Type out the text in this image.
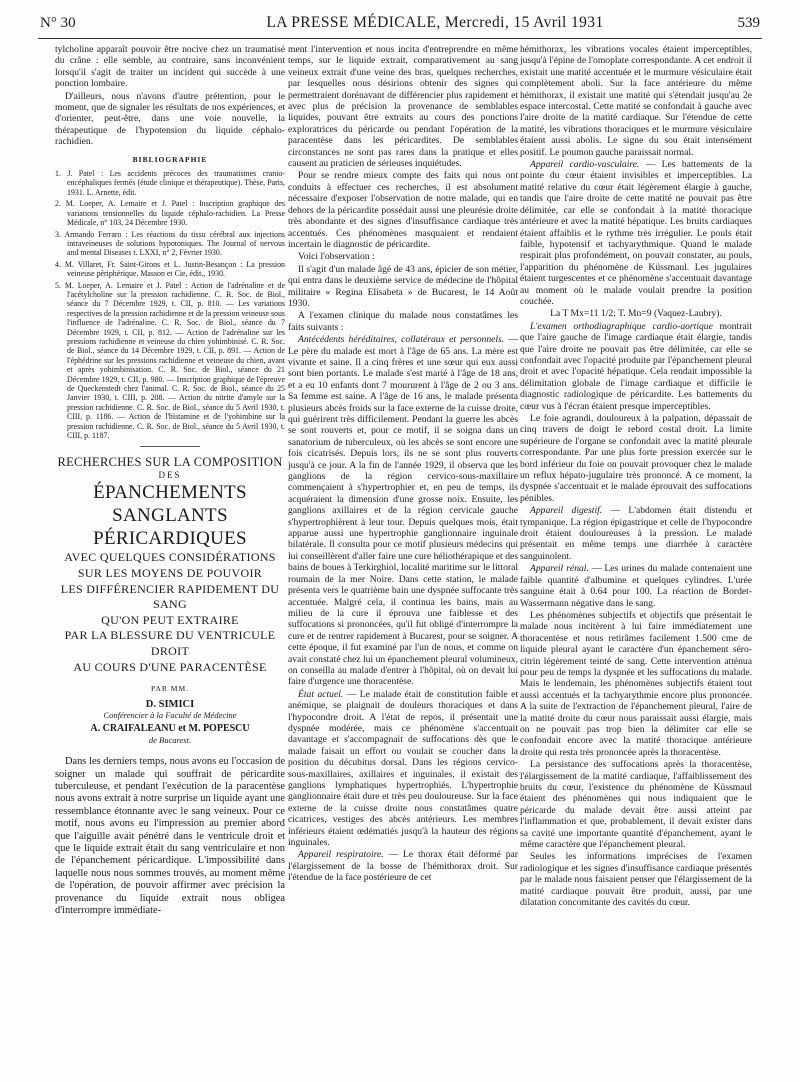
N° 30	LA PRESSE MÉDICALE, Mercredi, 15 Avril 1931	539

tylcholine apparaît pouvoir être nocive chez un traumatisé du crâne : elle semble, au contraire, sans inconvénient lorsqu'il s'agit de traiter un incident qui succède à une ponction lombaire.

D'ailleurs, nous n'avons d'autre prétention, pour le moment, que de signaler les résultats de nos expériences, et d'orienter, peut-être, dans une voie nouvelle, la thérapeutique de l'hypotension du liquide céphalo-rachidien.

BIBLIOGRAPHIE
1. J. Patel : Les accidents précoces des traumatismes cranio-encéphaliques fermés (étude clinique et thérapeutique). Thèse, Paris, 1931. L. Arnette, édit.
2. M. Loeper, A. Lemaire et J. Patel : Inscription graphique des variations tensionnelles du liquide céphalo-rachidien. La Presse Médicale, n° 103, 24 Décembre 1930.
3. Armando Ferraro : Les réactions du tissu cérébral aux injections intraveineuses de solutions hypotoniques. The Journal of nervous and mental Diseases t. LXXI, n° 2, Février 1930.
4. M. Villaret, Fr. Saint-Girons et L. Justin-Besançon : La pression veineuse périphérique. Masson et Cie, édit., 1930.
5. M. Loeper, A. Lemaire et J. Patel : Action de l'adrénaline et de l'acétylcholine sur la pression rachidienne. C. R. Soc. de Biol., séance du 7 Décembre 1929, t. CII, p. 810. — Les variations respectives de la pression rachidienne et de la pression veineuse sous l'influence de l'adrénaline. C. R. Soc. de Biol., séance du 7 Décembre 1929, t. CII, p. 812. — Action de l'adrénaline sur les pressions rachidienne et veineuse du chien yohimbinisé. C. R. Soc. de Biol., séance du 14 Décembre 1929, t. CII, p. 891. — Action de l'éphédrine sur les pressions rachidienne et veineuse du chien, avant et après yohimbinisation. C. R. Soc. de Biol., séance du 21 Décembre 1929, t. CII, p. 980. — Inscription graphique de l'épreuve de Queckenstedt chez l'animal. C. R. Soc. de Biol., séance du 25 Janvier 1930, t. CIII, p. 208. — Action du nitrite d'amyle sur la pression rachidienne. C. R. Soc. de Biol., séance du 5 Avril 1930, t. CIII, p. 1186. — Action de l'histamine et de l'yohimbine sur la pression rachidienne. C. R. Soc. de Biol., séance du 5 Avril 1930, t. CIII, p. 1187.
RECHERCHES SUR LA COMPOSITION
DES
ÉPANCHEMENTS SANGLANTS
PÉRICARDIQUES
AVEC QUELQUES CONSIDÉRATIONS
SUR LES MOYENS DE POUVOIR
LES DIFFÉRENCIER RAPIDEMENT DU SANG
QU'ON PEUT EXTRAIRE
PAR LA BLESSURE DU VENTRICULE DROIT
AU COURS D'UNE PARACENTÈSE
PAR MM.
D. SIMICI
Conférencier à la Faculté de Médecine
A. CRAIFALEANU et M. POPESCU
de Bucarest.

Dans les derniers temps, nous avons eu l'occasion de soigner un malade qui souffrait de péricardite tuberculeuse, et pendant l'exécution de la paracentèse nous avons extrait à notre surprise un liquide ayant une ressemblance étonnante avec le sang veineux. Pour ce motif, nous avons eu l'impression au premier abord que l'aiguille avait pénétré dans le ventricule droit et que le liquide extrait était du sang ventriculaire et non de l'épanchement péricardique. L'impossibilité dans laquelle nous nous sommes trouvés, au moment même de l'opération, de pouvoir affirmer avec précision la provenance du liquide extrait nous obligea d'interrompre immédiate-

ment l'intervention et nous incita d'entreprendre en même temps, sur le liquide extrait, comparativement au sang veineux extrait d'une veine des bras, quelques recherches, par lesquelles nous désirions obtenir des signes qui permettraient dorénavant de différencier plus rapidement et avec plus de précision la provenance de semblables liquides, pouvant être extraits au cours des ponctions exploratrices du péricarde ou pendant l'opération de la paracentèse dans les péricardites. De semblables circonstances ne sont pas rares dans la pratique et elles causent au praticien de sérieuses inquiétudes.

Pour se rendre mieux compte des faits qui nous ont conduits à effectuer ces recherches, il est absolument nécessaire d'exposer l'observation de notre malade, qui en dehors de la péricardite possédait aussi une pleurésie droite très abondante et des signes d'insuffisance cardiaque très accentués. Ces phénomènes masquaient et rendaient incertain le diagnostic de péricardite.

Voici l'observation :

Il s'agit d'un malade âgé de 43 ans, épicier de son métier, qui entra dans le deuxième service de médecine de l'hôpital militaire « Regina Elisabeta » de Bucarest, le 14 Août 1930.

A l'examen clinique du malade nous constatâmes les faits suivants :

Antécédents héréditaires, collatéraux et personnels. — Le père du malade est mort à l'âge de 65 ans. La mère est vivante et saine. Il a cinq frères et une sœur qui eux aussi sont bien portants. Le malade s'est marié à l'âge de 18 ans, et a eu 10 enfants dont 7 moururent à l'âge de 2 ou 3 ans. Sa femme est saine. A l'âge de 16 ans, le malade présenta plusieurs abcès froids sur la face externe de la cuisse droite, qui guérirent très difficilement. Pendant la guerre les abcès se sont rouverts et, pour ce motif, il se soigna dans un sanatorium de tuberculeux, où les abcès se sont encore une fois cicatrisés. Depuis lors, ils ne se sont plus rouverts jusqu'à ce jour. A la fin de l'année 1929, il observa que les ganglions de la région cervico-sous-maxillaire commençaient à s'hypertrophier et, en peu de temps, ils acquéraient la dimension d'une grosse noix. Ensuite, les ganglions axillaires et de la région cervicale gauche s'hypertrophièrent à leur tour. Depuis quelques mois, était apparue aussi une hypertrophie ganglionnaire inguinale bilatérale. Il consulta pour ce motif plusieurs médecins qui lui conseillèrent d'aller faire une cure héliothérapique et des bains de boues à Terkirghiol, localité maritime sur le littoral roumain de la mer Noire. Dans cette station, le malade présenta vers le quatrième bain une dyspnée suffocante très accentuée. Malgré cela, il continua les bains, mais au milieu de la cure il éprouva une faiblesse et des suffocations si prononcées, qu'il fut obligé d'interrompre la cure et de rentrer rapidement à Bucarest, pour se soigner. A cette époque, il fut examiné par l'un de nous, et comme on avait constaté chez lui un épanchement pleural volumineux, on conseilla au malade d'entrer à l'hôpital, où on devait lui faire d'urgence une thoracentèse.

État actuel. — Le malade était de constitution faible et anémique, se plaignait de douleurs thoraciques et dans l'hypocondre droit. A l'état de repos, il présentait une dyspnée modérée, mais ce phénomène s'accentuait davantage et s'accompagnait de suffocations dès que le malade faisait un effort ou voulait se coucher dans la position du décubitus dorsal. Dans les régions cervico-sous-maxillaires, axillaires et inguinales, il existait des ganglions lymphatiques hypertrophiés. L'hypertrophie ganglionnaire était dure et très peu douloureuse. Sur la face externe de la cuisse droite nous constatâmes quatre cicatrices, vestiges des abcès antérieurs. Les membres inférieurs étaient œdématiés jusqu'à la hauteur des régions inguinales.

Appareil respiratoire. — Le thorax était déformé par l'élargissement de la bosse de l'hémithorax droit. Sur l'étendue de la face postérieure de cet

hémithorax, les vibrations vocales étaient imperceptibles, jusqu'à l'épine de l'omoplate correspondante. A cet endroit il existait une matité accentuée et le murmure vésiculaire était complètement aboli. Sur la face antérieure du même hémithorax, il existait une matité qui s'étendait jusqu'au 2e espace intercostal. Cette matité se confondait à gauche avec l'aire droite de la matité cardiaque. Sur l'étendue de cette matité, les vibrations thoraciques et le murmure vésiculaire étaient aussi abolis. Le signe du sou était intensément positif. Le poumon gauche paraissait normal.

Appareil cardio-vasculaire. — Les battements de la pointe du cœur étaient invisibles et imperceptibles. La matité relative du cœur était légèrement élargie à gauche, tandis que l'aire droite de cette matité ne pouvait pas être délimitée, car elle se confondait à la matité thoracique antérieure et avec la matité hépatique. Les bruits cardiaques étaient affaiblis et le rythme très irrégulier. Le pouls était faible, hypotensif et tachyarythmique. Quand le malade respirait plus profondément, on pouvait constater, au pouls, l'apparition du phénomène de Küssmaul. Les jugulaires étaient turgescentes et ce phénomène s'accentuait davantage au moment où le malade voulait prendre la position couchée.

La T Mx=11 1/2; T. Mn=9 (Vaquez-Laubry).

L'examen orthodiagraphique cardio-aortique montrait que l'aire gauche de l'image cardiaque était élargie, tandis que l'aire droite ne pouvait pas être délimitée, car elle se confondait avec l'opacité produite par l'épanchement pleural droit et avec l'opacité hépatique. Cela rendait impossible la délimitation globale de l'image cardiaque et difficile le diagnostic radiologique de péricardite. Les battements du cœur vus à l'écran étaient presque imperceptibles.

Le foie agrandi, douloureux à la palpation, dépassait de cinq travers de doigt le rebord costal droit. La limite supérieure de l'organe se confondait avec la matité pleurale correspondante. Par une plus forte pression exercée sur le bord inférieur du foie on pouvait provoquer chez le malade un reflux hépato-jugulaire très prononcé. A ce moment, la dyspnée s'accentuait et le malade éprouvait des suffocations pénibles.

Appareil digestif. — L'abdomen était distendu et tympanique. La région épigastrique et celle de l'hypocondre droit étaient douloureuses à la pression. Le malade présentait en même temps une diarrhée à caractère sanguinolent.

Appareil rénal. — Les urines du malade contenaient une faible quantité d'albumine et quelques cylindres. L'urée sanguine était à 0.64 pour 100. La réaction de Bordet-Wassermann négative dans le sang.

Les phénomènes subjectifs et objectifs que présentait le malade nous incitèrent à lui faire immédiatement une thoracentèse et nous retirâmes facilement 1.500 cme de liquide pleural ayant le caractère d'un épanchement séro-citrin légèrement teinté de sang. Cette intervention atténua pour peu de temps la dyspnée et les suffocations du malade. Mais le lendemain, les phénomènes subjectifs étaient tout aussi accentués et la tachyarythmie encore plus prononcée. A la suite de l'extraction de l'épanchement pleural, l'aire de la matité droite du cœur nous paraissait aussi élargie, mais on ne pouvait pas trop bien la délimiter car elle se confondait encore avec la matité thoracique antérieure droite qui resta très prononcée après la thoracentèse.

La persistance des suffocations après la thoracentèse, l'élargissement de la matité cardiaque, l'affaiblissement des bruits du cœur, l'existence du phénomène de Küssmaul étaient des phénomènes qui nous indiquaient que le péricarde du malade devait être aussi atteint par l'inflammation et que, probablement, il devait exister dans sa cavité une importante quantité d'épanchement, ayant le même caractère que l'épanchement pleural.

Seules les informations imprécises de l'examen radiologique et les signes d'insuffisance cardiaque présentés par le malade nous faisaient penser que l'élargissement de la matité cardiaque pouvait être produit, aussi, par une dilatation concomitante des cavités du cœur.
